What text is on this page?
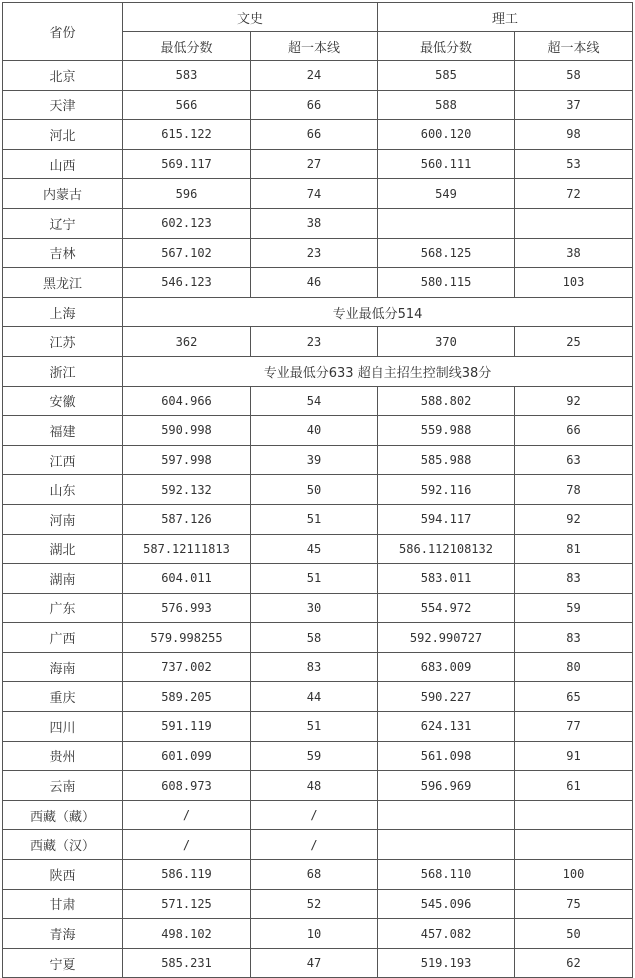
省份	文史		理工	
	最低分数	超一本线	最低分数	超一本线
北京	583	24	585	58
天津	566	66	588	37
河北	615.122	66	600.120	98
山西	569.117	27	560.111	53
内蒙古	596	74	549	72
辽宁	602.123	38		
吉林	567.102	23	568.125	38
黑龙江	546.123	46	580.115	103
上海	专业最低分514			
江苏	362	23	370	25
浙江	专业最低分633 超自主招生控制线38分			
安徽	604.966	54	588.802	92
福建	590.998	40	559.988	66
江西	597.998	39	585.988	63
山东	592.132	50	592.116	78
河南	587.126	51	594.117	92
湖北	587.12111813	45	586.112108132	81
湖南	604.011	51	583.011	83
广东	576.993	30	554.972	59
广西	579.998255	58	592.990727	83
海南	737.002	83	683.009	80
重庆	589.205	44	590.227	65
四川	591.119	51	624.131	77
贵州	601.099	59	561.098	91
云南	608.973	48	596.969	61
西藏（藏）	/	/		
西藏（汉）	/	/		
陕西	586.119	68	568.110	100
甘肃	571.125	52	545.096	75
青海	498.102	10	457.082	50
宁夏	585.231	47	519.193	62
